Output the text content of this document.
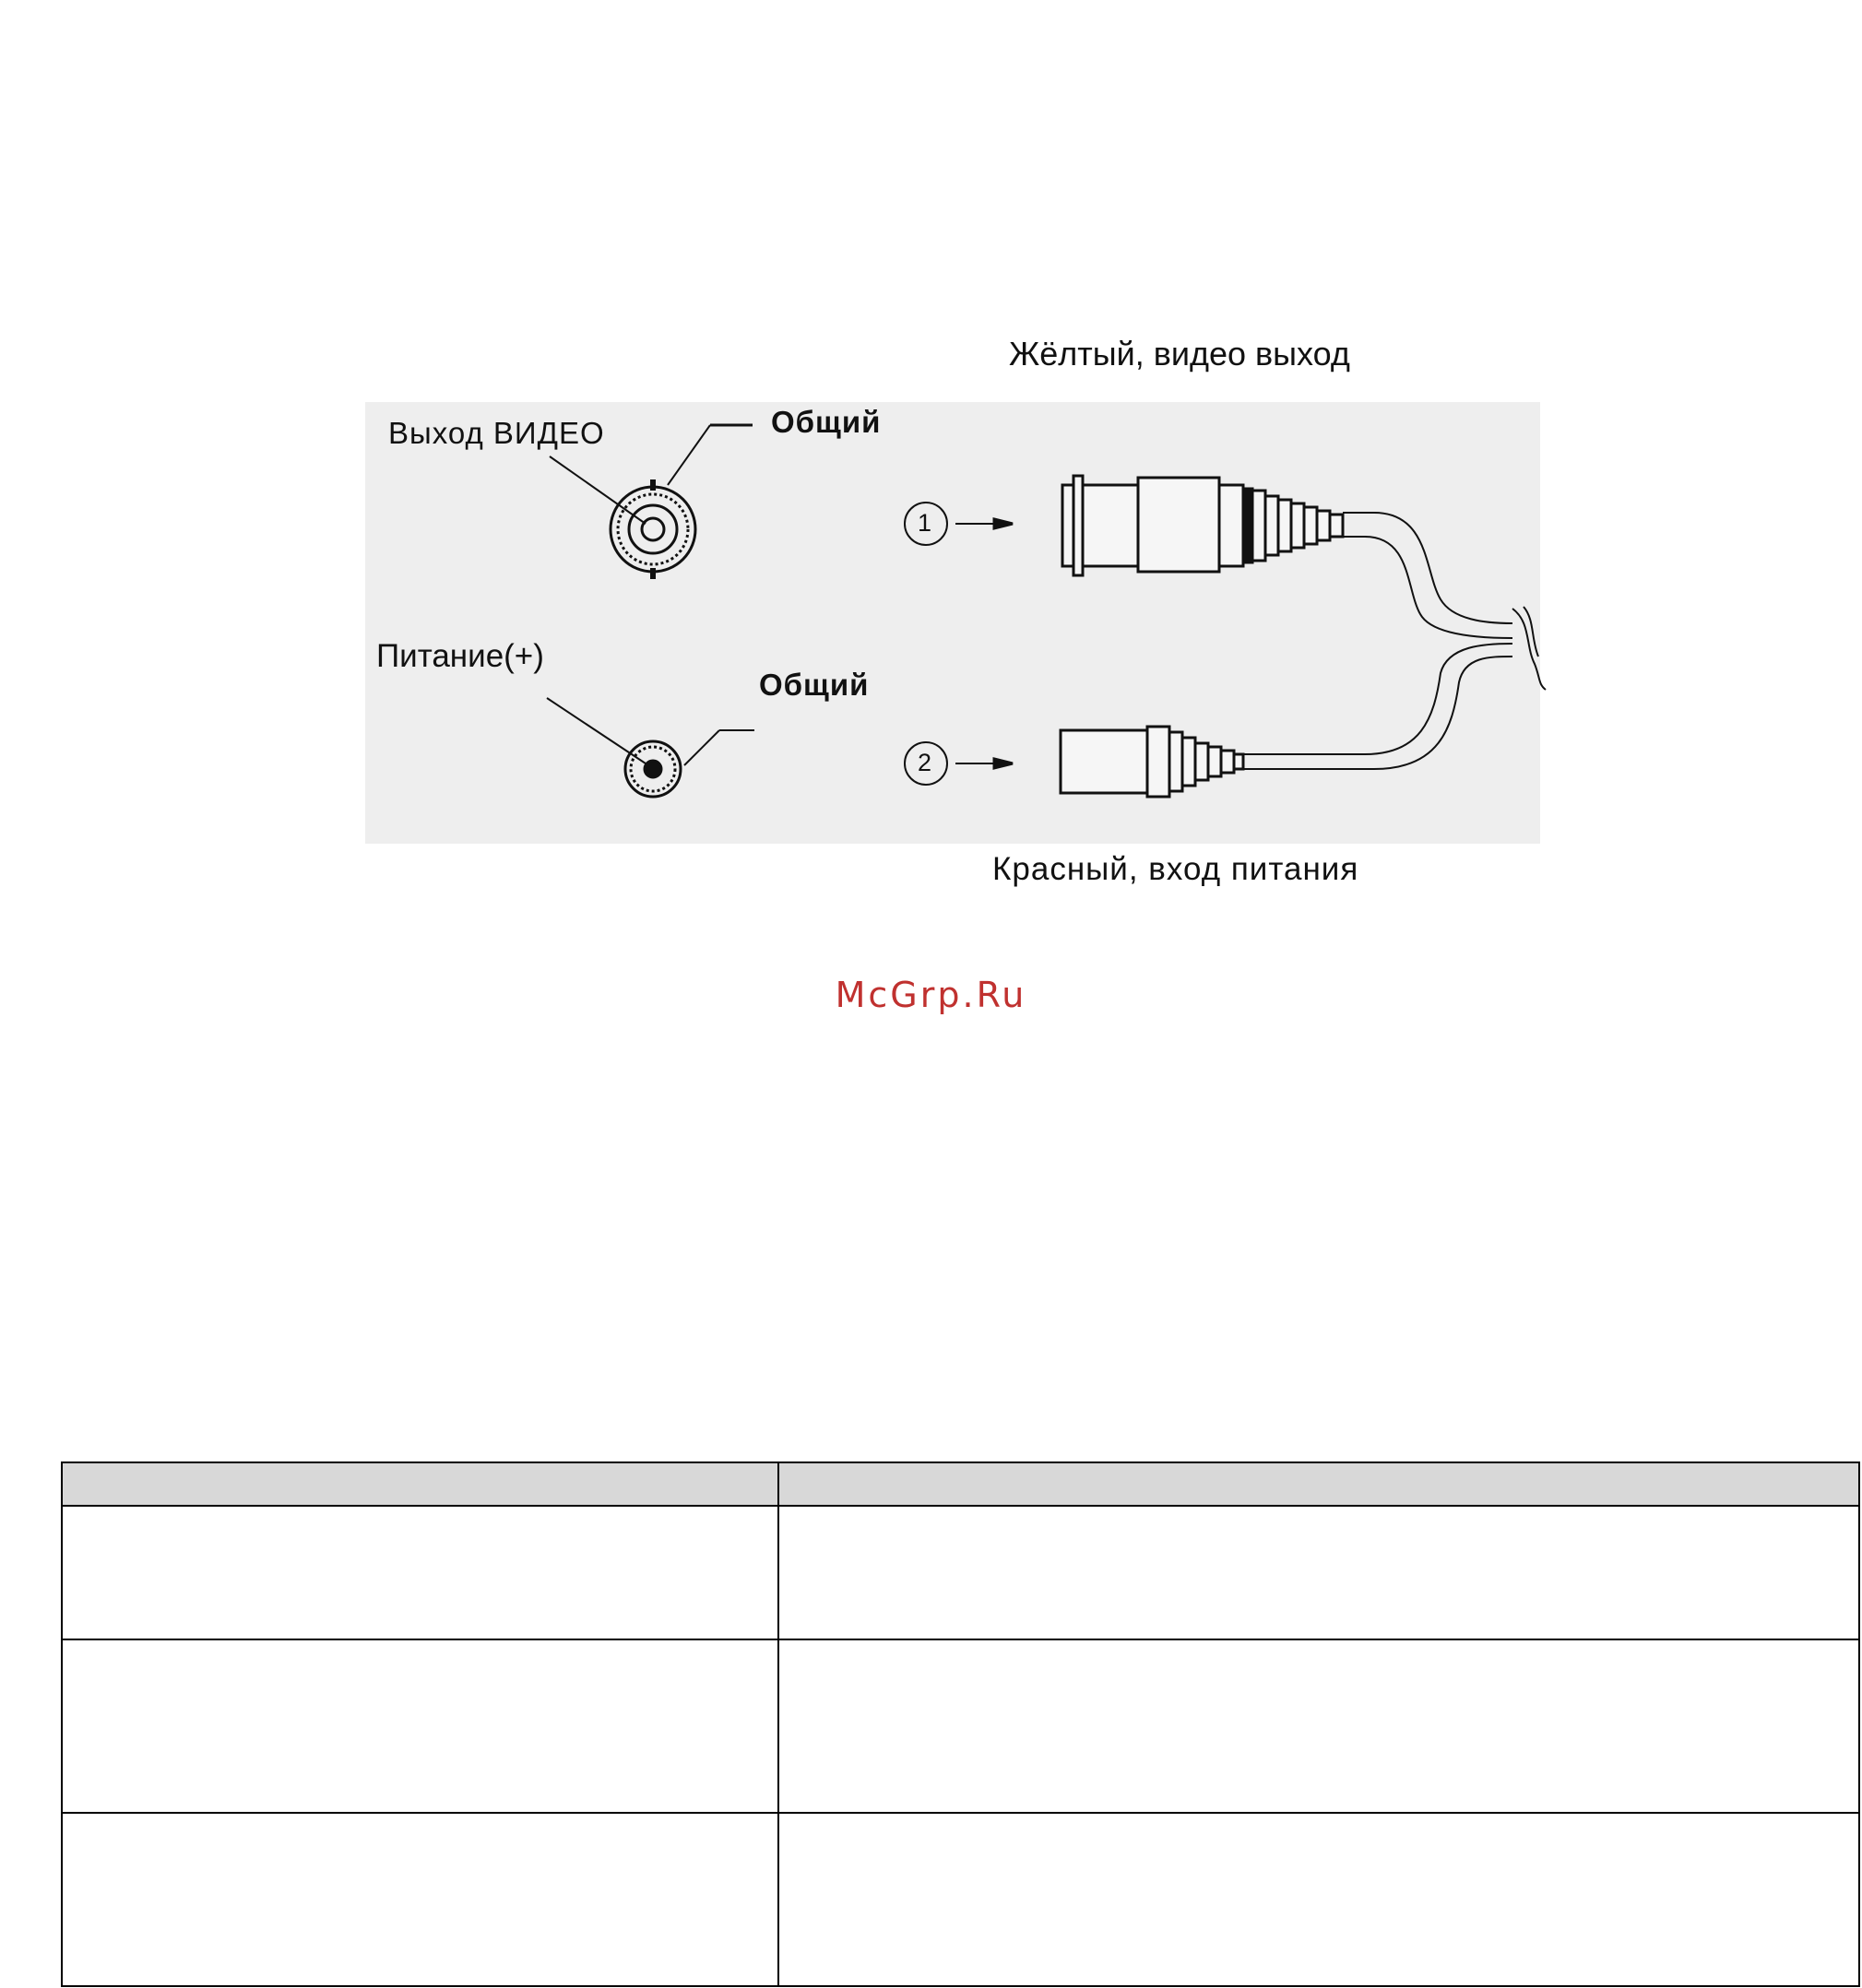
Жёлтый, видео выход
Выход ВИДЕО	Общий
Питание(+)
Общий
1
2
Красный, вход питания
McGrp.Ru
